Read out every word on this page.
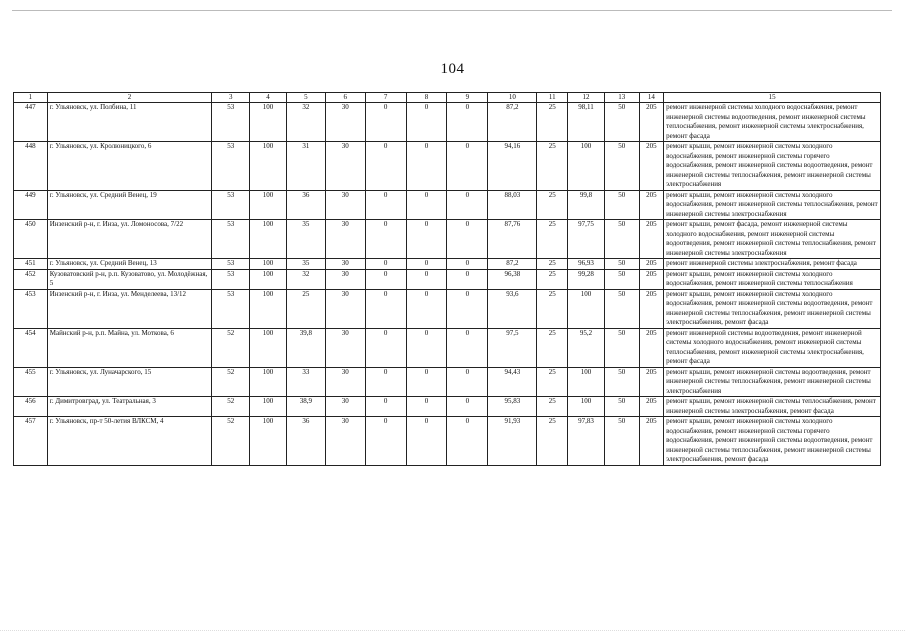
104
1	2	3	4	5	6	7	8	9	10	11	12	13	14	15
447	г. Ульяновск, ул. Полбина, 11	53	100	32	30	0	0	0	87,2	25	98,11	50	205	ремонт инженерной системы холодного водоснабжения, ремонт инженерной системы водоотведения, ремонт инженерной системы теплоснабжения, ремонт инженерной системы электроснабжения, ремонт фасада
448	г. Ульяновск, ул. Кролюницкого, 6	53	100	31	30	0	0	0	94,16	25	100	50	205	ремонт крыши, ремонт инженерной системы холодного водоснабжения, ремонт инженерной системы горячего водоснабжения, ремонт инженерной системы водоотведения, ремонт инженерной системы теплоснабжения, ремонт инженерной системы электроснабжения
449	г. Ульяновск, ул. Средний Венец, 19	53	100	36	30	0	0	0	88,03	25	99,8	50	205	ремонт крыши, ремонт инженерной системы холодного водоснабжения, ремонт инженерной системы теплоснабжения, ремонт инженерной системы электроснабжения
450	Инзенский р-н, г. Инза, ул. Ломоносова, 7/22	53	100	35	30	0	0	0	87,76	25	97,75	50	205	ремонт крыши, ремонт фасада, ремонт инженерной системы холодного водоснабжения, ремонт инженерной системы водоотведения, ремонт инженерной системы теплоснабжения, ремонт инженерной системы электроснабжения
451	г. Ульяновск, ул. Средний Венец, 13	53	100	35	30	0	0	0	87,2	25	96,93	50	205	ремонт инженерной системы электроснабжения, ремонт фасада
452	Кузоватовский р-н, р.п. Кузоватово, ул. Молодёжная, 5	53	100	32	30	0	0	0	96,38	25	99,28	50	205	ремонт крыши, ремонт инженерной системы холодного водоснабжения, ремонт инженерной системы теплоснабжения
453	Инзенский р-н, г. Инза, ул. Менделеева, 13/12	53	100	25	30	0	0	0	93,6	25	100	50	205	ремонт крыши, ремонт инженерной системы холодного водоснабжения, ремонт инженерной системы водоотведения, ремонт инженерной системы теплоснабжения, ремонт инженерной системы электроснабжения, ремонт фасада
454	Майнский р-н, р.п. Майна, ул. Моткова, 6	52	100	39,8	30	0	0	0	97,5	25	95,2	50	205	ремонт инженерной системы водоотведения, ремонт инженерной системы холодного водоснабжения, ремонт инженерной системы теплоснабжения, ремонт инженерной системы электроснабжения, ремонт фасада
455	г. Ульяновск, ул. Луначарского, 15	52	100	33	30	0	0	0	94,43	25	100	50	205	ремонт крыши, ремонт инженерной системы водоотведения, ремонт инженерной системы теплоснабжения, ремонт инженерной системы электроснабжения
456	г. Димитровград, ул. Театральная, 3	52	100	38,9	30	0	0	0	95,83	25	100	50	205	ремонт крыши, ремонт инженерной системы теплоснабжения, ремонт инженерной системы электроснабжения, ремонт фасада
457	г. Ульяновск, пр-т 50-летия ВЛКСМ, 4	52	100	36	30	0	0	0	91,93	25	97,83	50	205	ремонт крыши, ремонт инженерной системы холодного водоснабжения, ремонт инженерной системы горячего водоснабжения, ремонт инженерной системы водоотведения, ремонт инженерной системы теплоснабжения, ремонт инженерной системы электроснабжения, ремонт фасада
